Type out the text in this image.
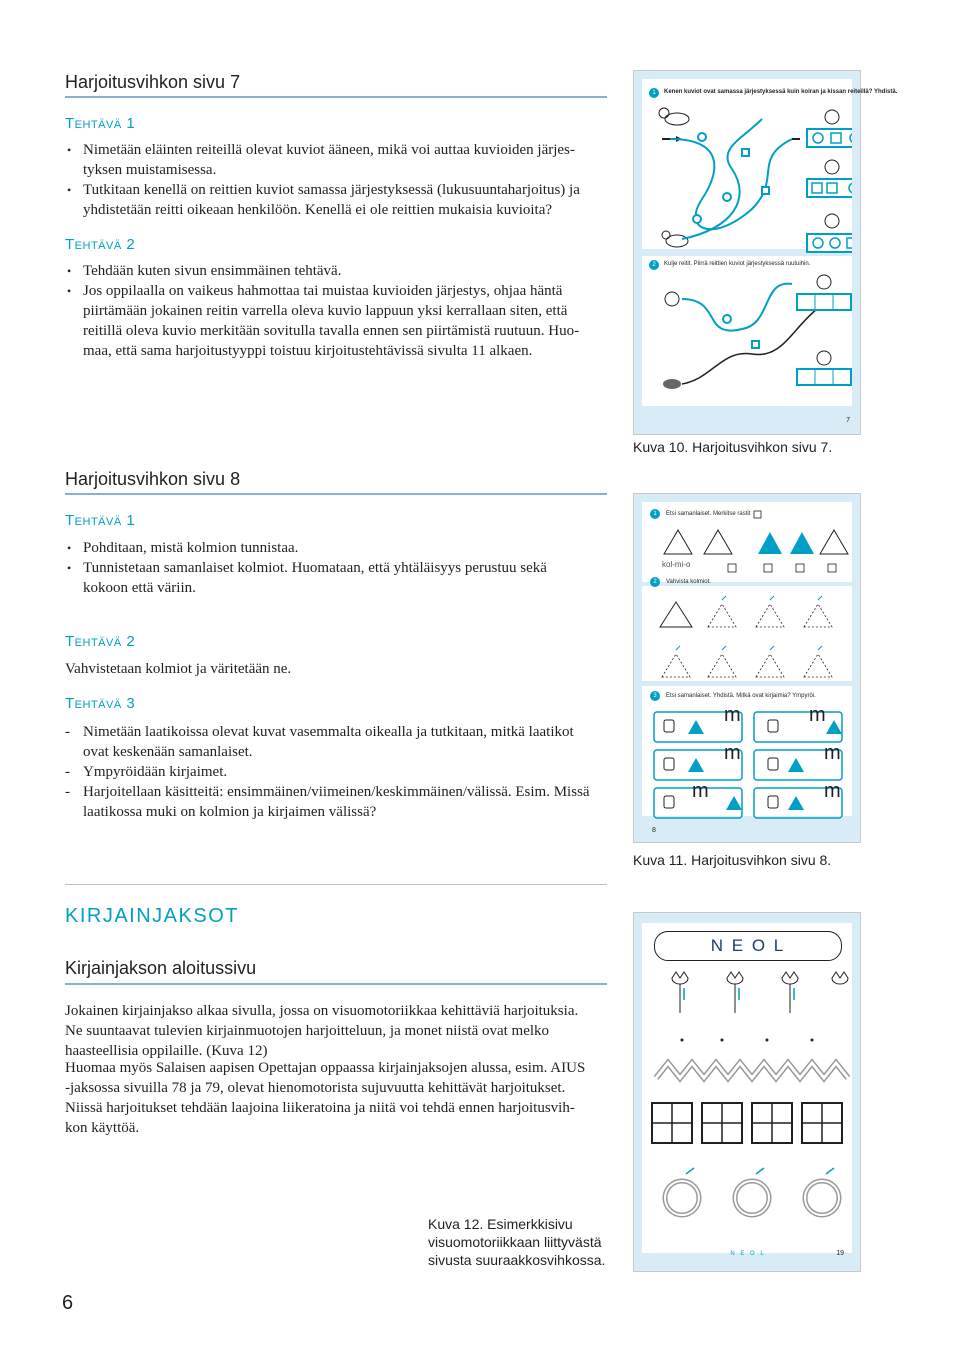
Harjoitusvihkon sivu 7
Tehtävä 1
• Nimetään eläinten reiteillä olevat kuviot ääneen, mikä voi auttaa kuvioiden järjes-
tyksen muistamisessa.
• Tutkitaan kenellä on reittien kuviot samassa järjestyksessä (lukusuuntaharjoitus) ja
yhdistetään reitti oikeaan henkilöön. Kenellä ei ole reittien mukaisia kuvioita?
Tehtävä 2
• Tehdään kuten sivun ensimmäinen tehtävä.
• Jos oppilaalla on vaikeus hahmottaa tai muistaa kuvioiden järjestys, ohjaa häntä
piirtämään jokainen reitin varrella oleva kuvio lappuun yksi kerrallaan siten, että
reitillä oleva kuvio merkitään sovitulla tavalla ennen sen piirtämistä ruutuun. Huo-
maa, että sama harjoitustyyppi toistuu kirjoitustehtävissä sivulta 11 alkaen.
1	Kenen kuviot ovat samassa järjestyksessä kuin koiran ja kissan reiteillä? Yhdistä.
2	Kulje reitit. Piirrä reittien kuviot järjestyksessä ruutuihin.
7
Kuva 10. Harjoitusvihkon sivu 7.
Harjoitusvihkon sivu 8
Tehtävä 1
• Pohditaan, mistä kolmion tunnistaa.
• Tunnistetaan samanlaiset kolmiot. Huomataan, että yhtäläisyys perustuu sekä
kokoon että väriin.
Tehtävä 2
Vahvistetaan kolmiot ja väritetään ne.
Tehtävä 3
- Nimetään laatikoissa olevat kuvat vasemmalta oikealla ja tutkitaan, mitkä laatikot
ovat keskenään samanlaiset.
- Ympyröidään kirjaimet.
- Harjoitellaan käsitteitä: ensimmäinen/viimeinen/keskimmäinen/välissä. Esim. Missä
laatikossa muki on kolmion ja kirjaimen välissä?
1	Etsi samanlaiset. Merkitse rastit
kol-mi-o
2	Vahvista kolmiot.
3	Etsi samanlaiset. Yhdistä. Mitkä ovat kirjaimia? Ympyröi.
m	m
m	m
m	m
8
Kuva 11. Harjoitusvihkon sivu 8.
KIRJAINJAKSOT
Kirjainjakson aloitussivu
Jokainen kirjainjakso alkaa sivulla, jossa on visuomotoriikkaa kehittäviä harjoituksia.
Ne suuntaavat tulevien kirjainmuotojen harjoitteluun, ja monet niistä ovat melko
haasteellisia oppilaille. (Kuva 12)
Huomaa myös Salaisen aapisen Opettajan oppaassa kirjainjaksojen alussa, esim. AIUS
-jaksossa sivuilla 78 ja 79, olevat hienomotorista sujuvuutta kehittävät harjoitukset.
Niissä harjoitukset tehdään laajoina liikeratoina ja niitä voi tehdä ennen harjoitusvih-
kon käyttöä.
N E O L
N E O L	19
Kuva 12. Esimerkkisivu
visuomotoriikkaan liittyvästä
sivusta suuraakkosvihkossa.
6
